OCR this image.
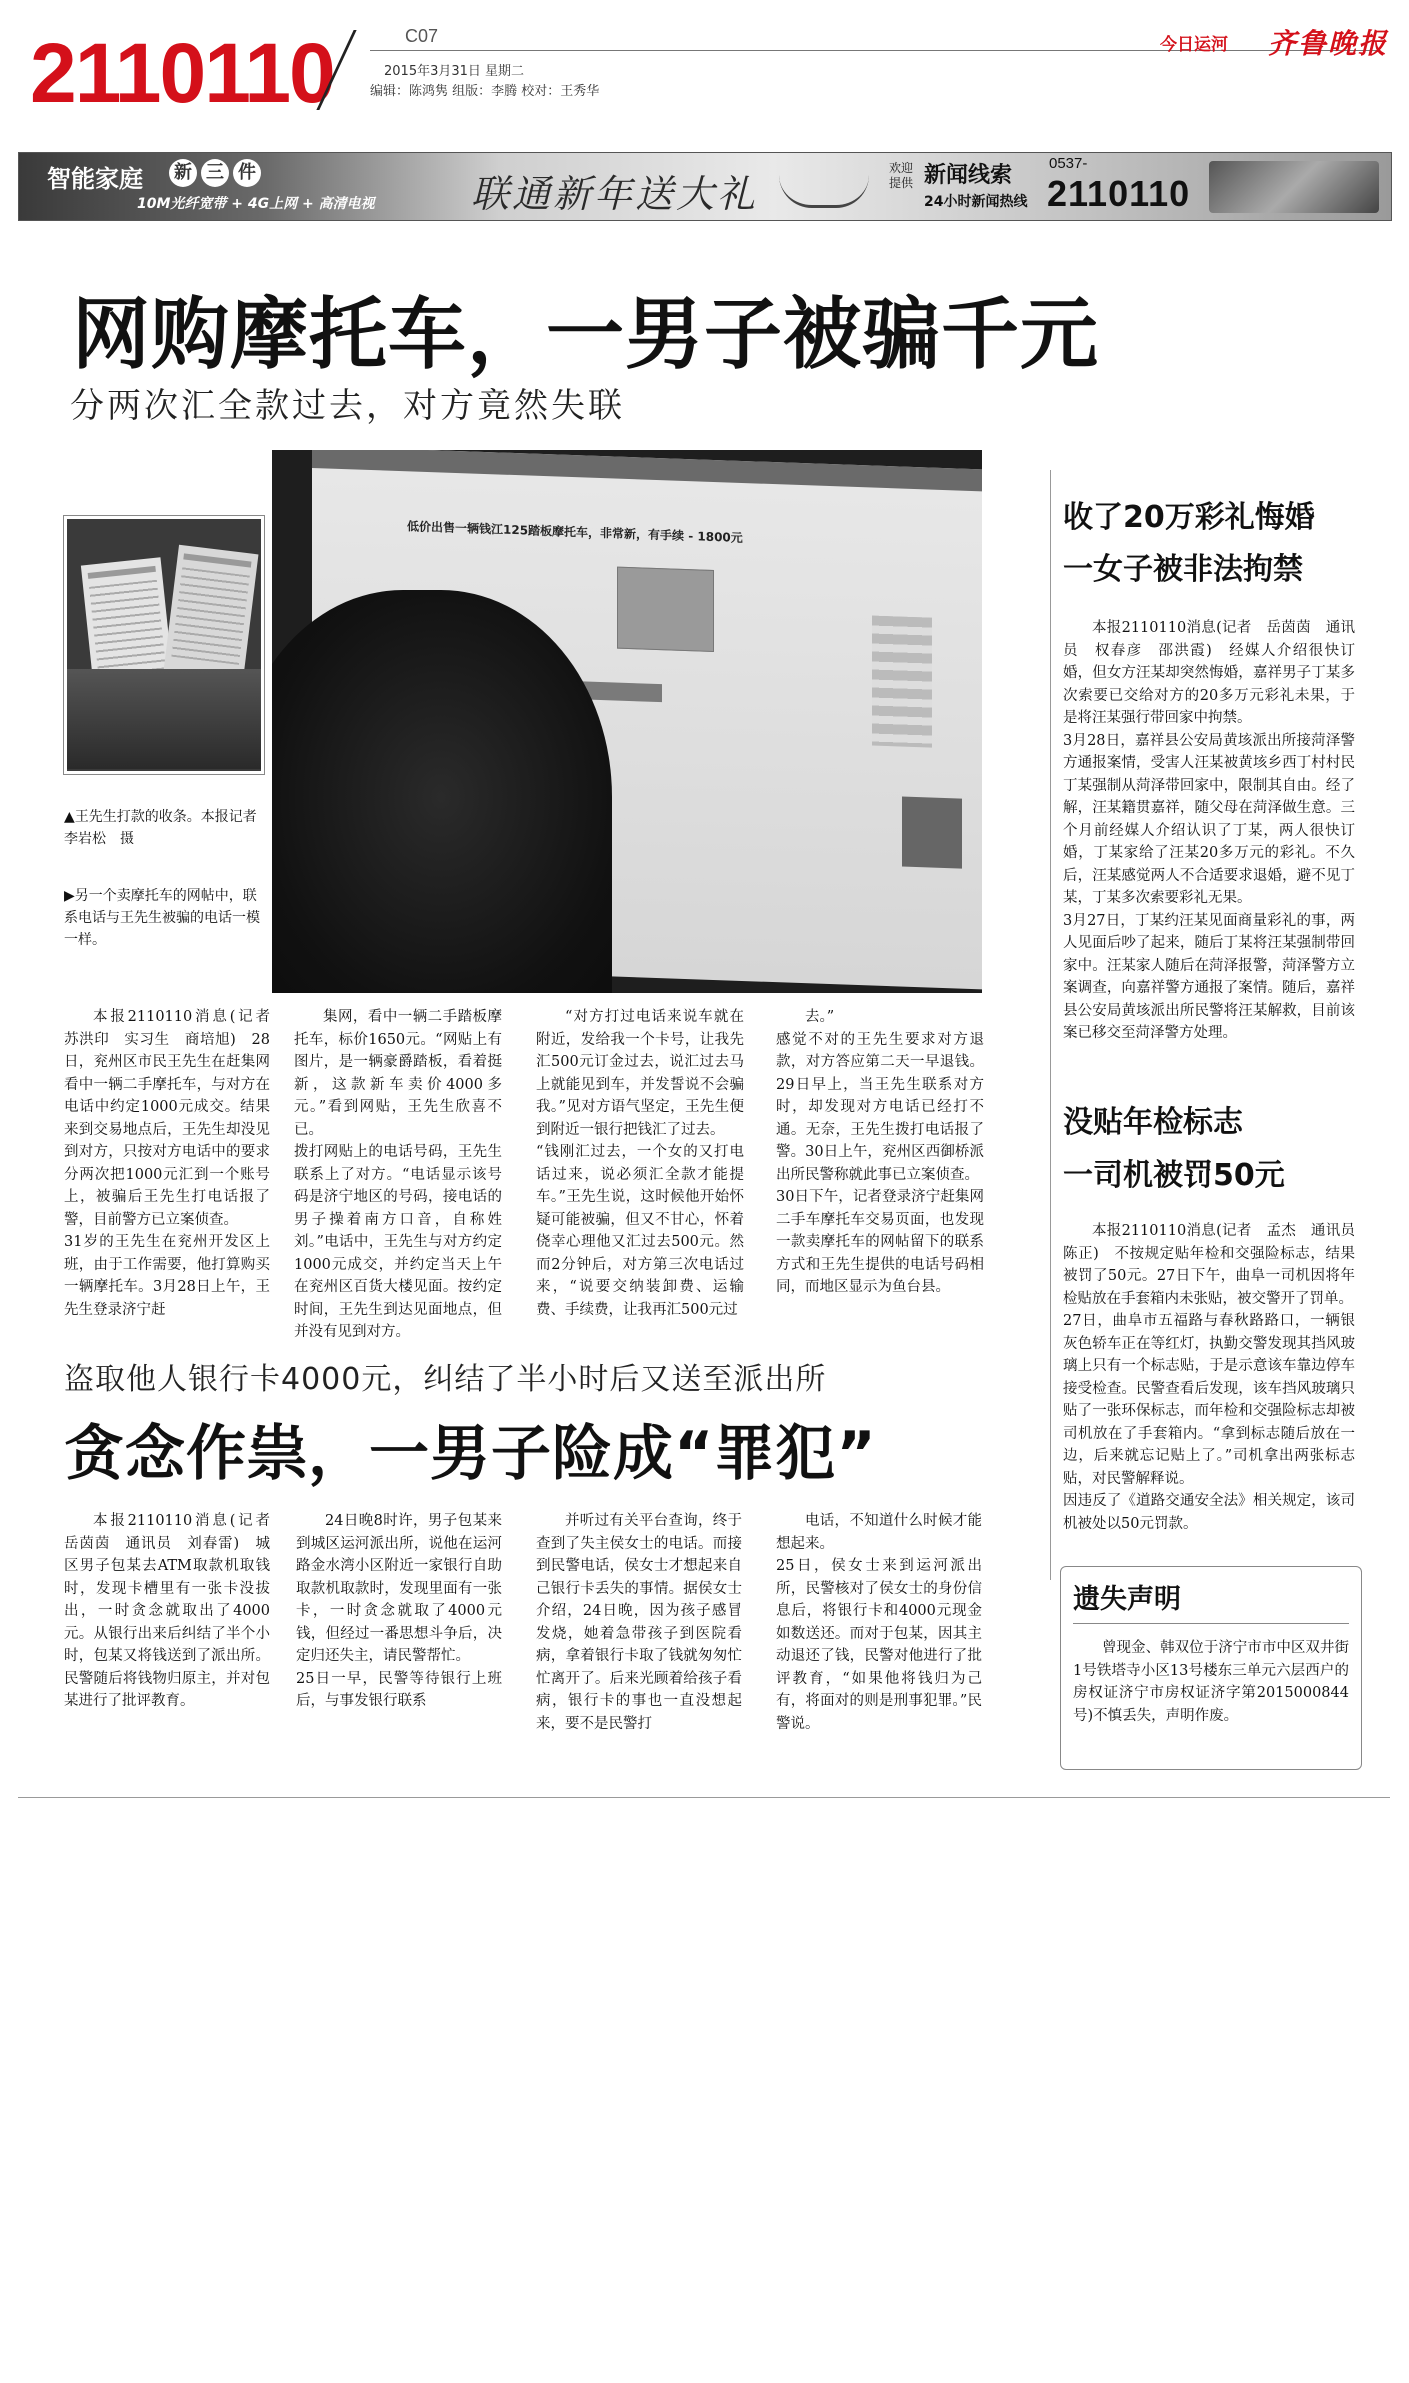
2110110	C07
2015年3月31日 星期二
编辑：陈鸿隽 组版：李腾 校对：王秀华
今日运河 齐鲁晚报
智能家庭 新 三 件
10M光纤宽带 + 4G上网 + 高清电视	联通新年送大礼
欢迎提供 新闻线索
24小时新闻热线
0537-
2110110
网购摩托车，一男子被骗千元
分两次汇全款过去，对方竟然失联
低价出售一辆钱江125踏板摩托车，非常新，有手续 - 1800元
▲王先生打款的收条。本报记者　李岩松　摄
▶另一个卖摩托车的网帖中，联系电话与王先生被骗的电话一模一样。

本报2110110消息(记者　苏洪印　实习生　商培旭)　28日，兖州区市民王先生在赶集网看中一辆二手摩托车，与对方在电话中约定1000元成交。结果来到交易地点后，王先生却没见到对方，只按对方电话中的要求分两次把1000元汇到一个账号上，被骗后王先生打电话报了警，目前警方已立案侦查。
31岁的王先生在兖州开发区上班，由于工作需要，他打算购买一辆摩托车。3月28日上午，王先生登录济宁赶

集网，看中一辆二手踏板摩托车，标价1650元。“网贴上有图片，是一辆豪爵踏板，看着挺新，这款新车卖价4000多元。”看到网贴，王先生欣喜不已。
拨打网贴上的电话号码，王先生联系上了对方。“电话显示该号码是济宁地区的号码，接电话的男子操着南方口音，自称姓刘。”电话中，王先生与对方约定1000元成交，并约定当天上午在兖州区百货大楼见面。按约定时间，王先生到达见面地点，但并没有见到对方。

“对方打过电话来说车就在附近，发给我一个卡号，让我先汇500元订金过去，说汇过去马上就能见到车，并发誓说不会骗我。”见对方语气坚定，王先生便到附近一银行把钱汇了过去。
“钱刚汇过去，一个女的又打电话过来，说必须汇全款才能提车。”王先生说，这时候他开始怀疑可能被骗，但又不甘心，怀着侥幸心理他又汇过去500元。然而2分钟后，对方第三次电话过来，“说要交纳装卸费、运输费、手续费，让我再汇500元过

去。”
感觉不对的王先生要求对方退款，对方答应第二天一早退钱。29日早上，当王先生联系对方时，却发现对方电话已经打不通。无奈，王先生拨打电话报了警。30日上午，兖州区西御桥派出所民警称就此事已立案侦查。
30日下午，记者登录济宁赶集网二手车摩托车交易页面，也发现一款卖摩托车的网帖留下的联系方式和王先生提供的电话号码相同，而地区显示为鱼台县。

收了20万彩礼悔婚
一女子被非法拘禁

本报2110110消息(记者　岳茵茵　通讯员　权春彦　邵洪霞)　经媒人介绍很快订婚，但女方汪某却突然悔婚，嘉祥男子丁某多次索要已交给对方的20多万元彩礼未果，于是将汪某强行带回家中拘禁。
3月28日，嘉祥县公安局黄垓派出所接菏泽警方通报案情，受害人汪某被黄垓乡西丁村村民丁某强制从菏泽带回家中，限制其自由。经了解，汪某籍贯嘉祥，随父母在菏泽做生意。三个月前经媒人介绍认识了丁某，两人很快订婚，丁某家给了汪某20多万元的彩礼。不久后，汪某感觉两人不合适要求退婚，避不见丁某，丁某多次索要彩礼无果。
3月27日，丁某约汪某见面商量彩礼的事，两人见面后吵了起来，随后丁某将汪某强制带回家中。汪某家人随后在菏泽报警，菏泽警方立案调查，向嘉祥警方通报了案情。随后，嘉祥县公安局黄垓派出所民警将汪某解救，目前该案已移交至菏泽警方处理。

没贴年检标志
一司机被罚50元

本报2110110消息(记者　孟杰　通讯员　陈正)　不按规定贴年检和交强险标志，结果被罚了50元。27日下午，曲阜一司机因将年检贴放在手套箱内未张贴，被交警开了罚单。
27日，曲阜市五福路与春秋路路口，一辆银灰色轿车正在等红灯，执勤交警发现其挡风玻璃上只有一个标志贴，于是示意该车靠边停车接受检查。民警查看后发现，该车挡风玻璃只贴了一张环保标志，而年检和交强险标志却被司机放在了手套箱内。“拿到标志随后放在一边，后来就忘记贴上了。”司机拿出两张标志贴，对民警解释说。
因违反了《道路交通安全法》相关规定，该司机被处以50元罚款。

遗失声明

曾现金、韩双位于济宁市市中区双井街1号铁塔寺小区13号楼东三单元六层西户的房权证济宁市房权证济字第2015000844号)不慎丢失，声明作废。

盗取他人银行卡4000元，纠结了半小时后又送至派出所
贪念作祟，一男子险成“罪犯”

本报2110110消息(记者　岳茵茵　通讯员　刘春雷)　城区男子包某去ATM取款机取钱时，发现卡槽里有一张卡没拔出，一时贪念就取出了4000元。从银行出来后纠结了半个小时，包某又将钱送到了派出所。民警随后将钱物归原主，并对包某进行了批评教育。

24日晚8时许，男子包某来到城区运河派出所，说他在运河路金水湾小区附近一家银行自助取款机取款时，发现里面有一张卡，一时贪念就取了4000元钱，但经过一番思想斗争后，决定归还失主，请民警帮忙。
25日一早，民警等待银行上班后，与事发银行联系

并听过有关平台查询，终于查到了失主侯女士的电话。而接到民警电话，侯女士才想起来自己银行卡丢失的事情。据侯女士介绍，24日晚，因为孩子感冒发烧，她着急带孩子到医院看病，拿着银行卡取了钱就匆匆忙忙离开了。后来光顾着给孩子看病，银行卡的事也一直没想起来，要不是民警打

电话，不知道什么时候才能想起来。
25日，侯女士来到运河派出所，民警核对了侯女士的身份信息后，将银行卡和4000元现金如数送还。而对于包某，因其主动退还了钱，民警对他进行了批评教育，“如果他将钱归为己有，将面对的则是刑事犯罪。”民警说。
